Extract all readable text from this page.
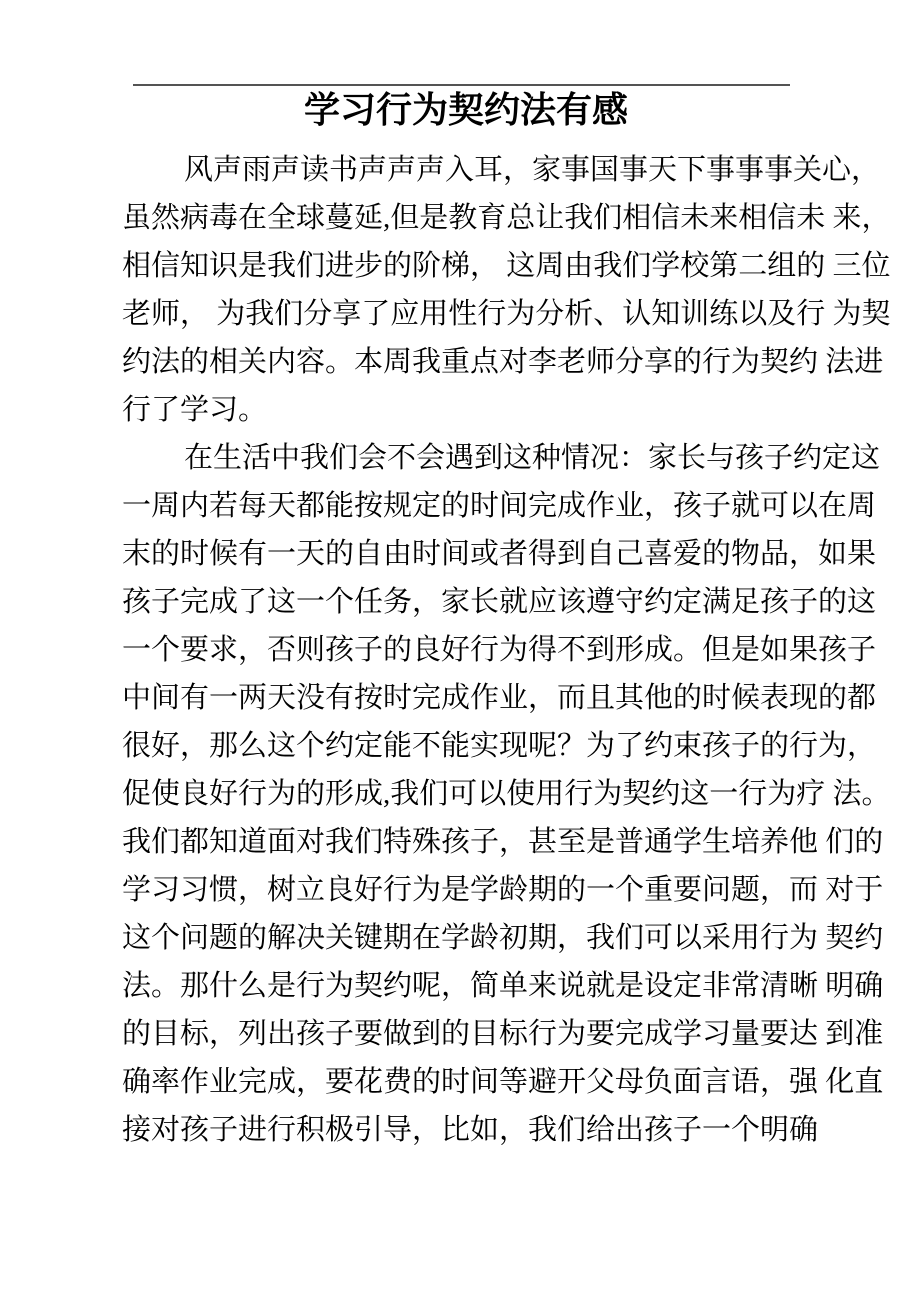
学习行为契约法有感
风声雨声读书声声声入耳，家事国事天下事事事关心，
虽然病毒在全球蔓延,但是教育总让我们相信未来相信未 来，
相信知识是我们进步的阶梯， 这周由我们学校第二组的 三位
老师， 为我们分享了应用性行为分析、认知训练以及行 为契
约法的相关内容。本周我重点对李老师分享的行为契约 法进
行了学习。
在生活中我们会不会遇到这种情况：家长与孩子约定这
一周内若每天都能按规定的时间完成作业，孩子就可以在周
末的时候有一天的自由时间或者得到自己喜爱的物品，如果
孩子完成了这一个任务，家长就应该遵守约定满足孩子的这
一个要求，否则孩子的良好行为得不到形成。但是如果孩子
中间有一两天没有按时完成作业，而且其他的时候表现的都
很好，那么这个约定能不能实现呢？为了约束孩子的行为，
促使良好行为的形成,我们可以使用行为契约这一行为疗 法。
我们都知道面对我们特殊孩子，甚至是普通学生培养他 们的
学习习惯，树立良好行为是学龄期的一个重要问题，而 对于
这个问题的解决关键期在学龄初期，我们可以采用行为 契约
法。那什么是行为契约呢，简单来说就是设定非常清晰 明确
的目标，列出孩子要做到的目标行为要完成学习量要达 到准
确率作业完成，要花费的时间等避开父母负面言语，强 化直
接对孩子进行积极引导，比如，我们给出孩子一个明确
